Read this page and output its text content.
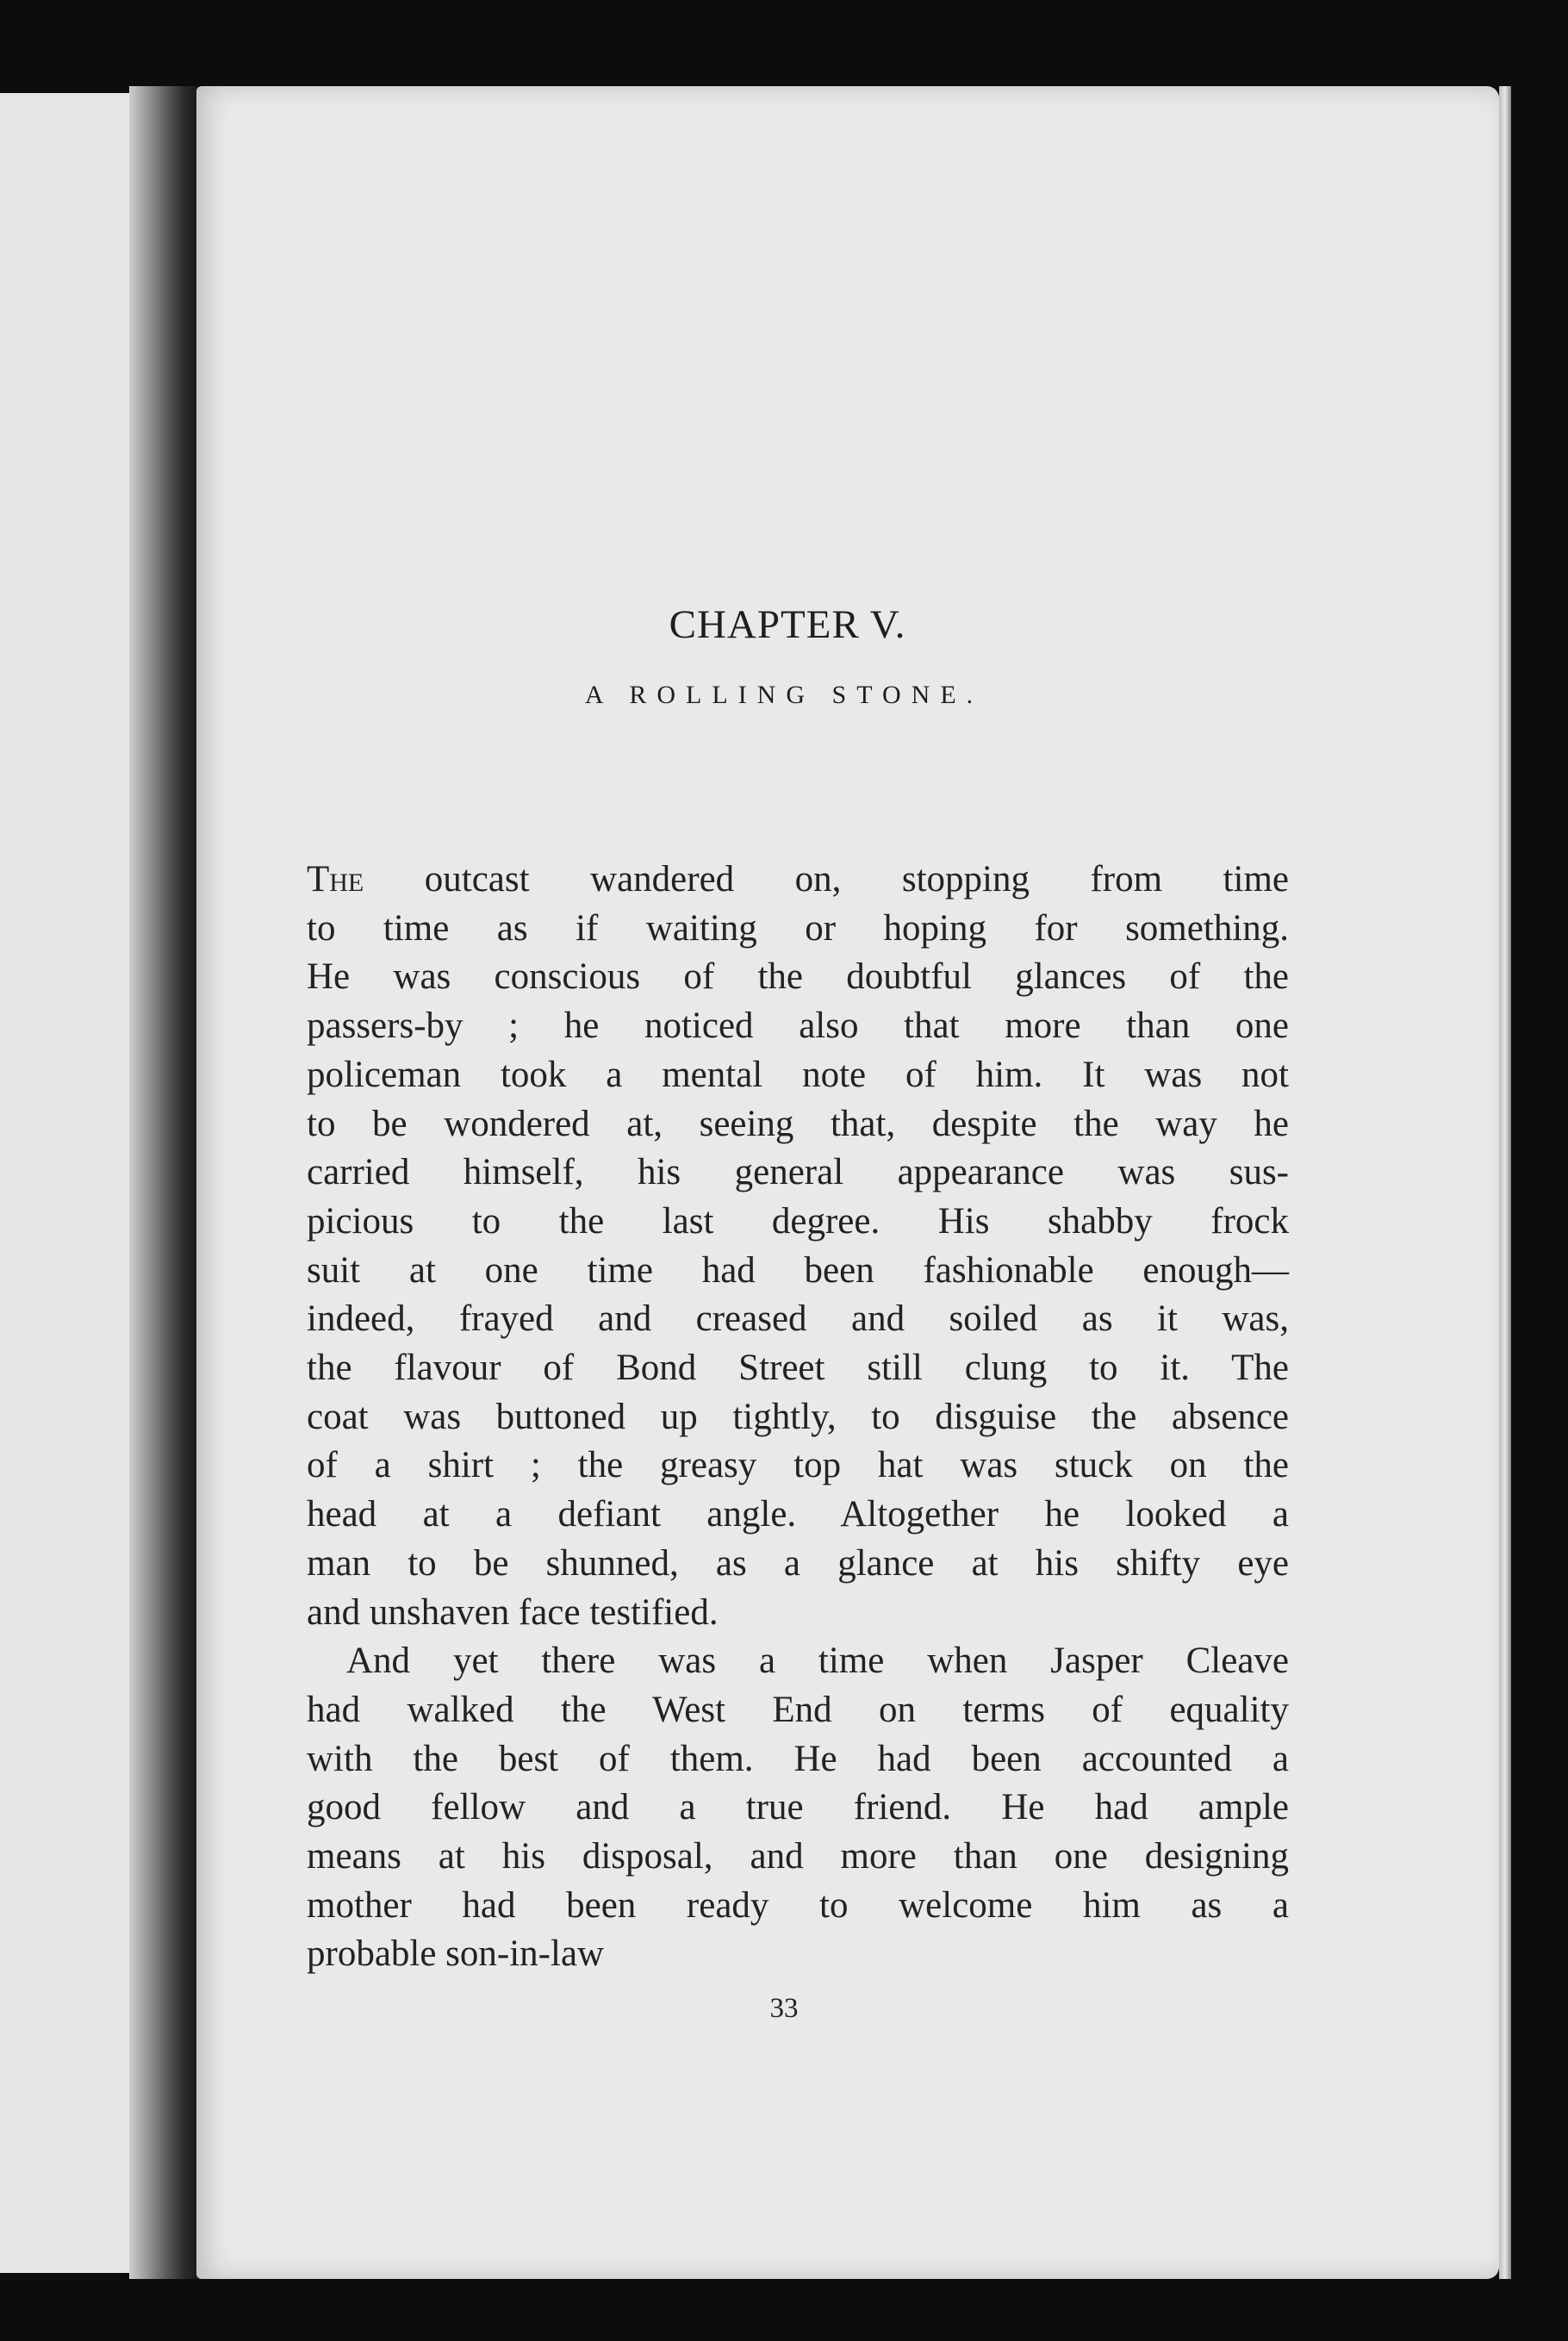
CHAPTER V.
A ROLLING STONE.

The outcast wandered on, stopping from time

to time as if waiting or hoping for something.

He was conscious of the doubtful glances of the

passers-by ; he noticed also that more than one

policeman took a mental note of him. It was not

to be wondered at, seeing that, despite the way he

carried himself, his general appearance was sus-

picious to the last degree. His shabby frock

suit at one time had been fashionable enough—

indeed, frayed and creased and soiled as it was,

the flavour of Bond Street still clung to it. The

coat was buttoned up tightly, to disguise the absence

of a shirt ; the greasy top hat was stuck on the

head at a defiant angle. Altogether he looked a

man to be shunned, as a glance at his shifty eye

and unshaven face testified.

And yet there was a time when Jasper Cleave

had walked the West End on terms of equality

with the best of them. He had been accounted a

good fellow and a true friend. He had ample

means at his disposal, and more than one designing

mother had been ready to welcome him as a

probable son-in-law

33
